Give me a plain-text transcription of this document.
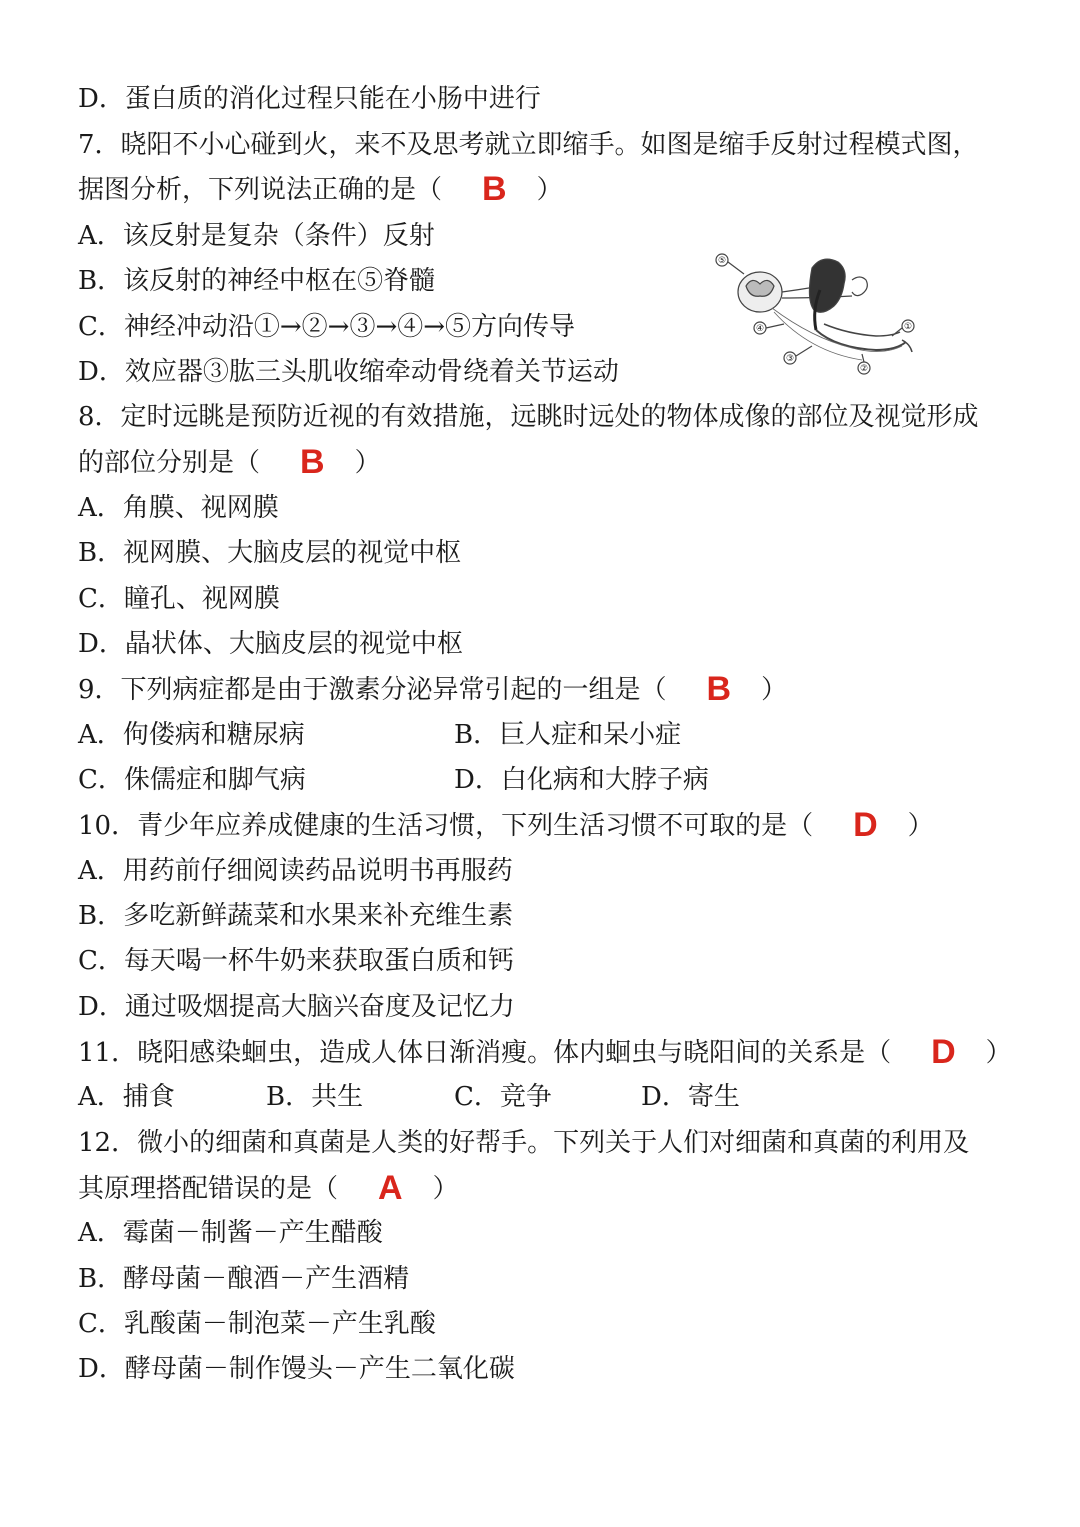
D．蛋白质的消化过程只能在小肠中进行
7．晓阳不小心碰到火，来不及思考就立即缩手。如图是缩手反射过程模式图，
据图分析，下列说法正确的是（ B ）
A．该反射是复杂（条件）反射
B．该反射的神经中枢在⑤脊髓
C．神经冲动沿①→②→③→④→⑤方向传导
D．效应器③肱三头肌收缩牵动骨绕着关节运动
⑤
④
③
②
①
8．定时远眺是预防近视的有效措施，远眺时远处的物体成像的部位及视觉形成
的部位分别是（ B ）
A．角膜、视网膜
B．视网膜、大脑皮层的视觉中枢
C．瞳孔、视网膜
D．晶状体、大脑皮层的视觉中枢
9．下列病症都是由于激素分泌异常引起的一组是（ B ）
A．佝偻病和糖尿病	B．巨人症和呆小症
C．侏儒症和脚气病	D．白化病和大脖子病
10．青少年应养成健康的生活习惯，下列生活习惯不可取的是（ D ）
A．用药前仔细阅读药品说明书再服药
B．多吃新鲜蔬菜和水果来补充维生素
C．每天喝一杯牛奶来获取蛋白质和钙
D．通过吸烟提高大脑兴奋度及记忆力
11．晓阳感染蛔虫，造成人体日渐消瘦。体内蛔虫与晓阳间的关系是（ D ）
A．捕食	B．共生	C．竞争	D．寄生
12．微小的细菌和真菌是人类的好帮手。下列关于人们对细菌和真菌的利用及
其原理搭配错误的是（ A ）
A．霉菌－制酱－产生醋酸
B．酵母菌－酿酒－产生酒精
C．乳酸菌－制泡菜－产生乳酸
D．酵母菌－制作馒头－产生二氧化碳
